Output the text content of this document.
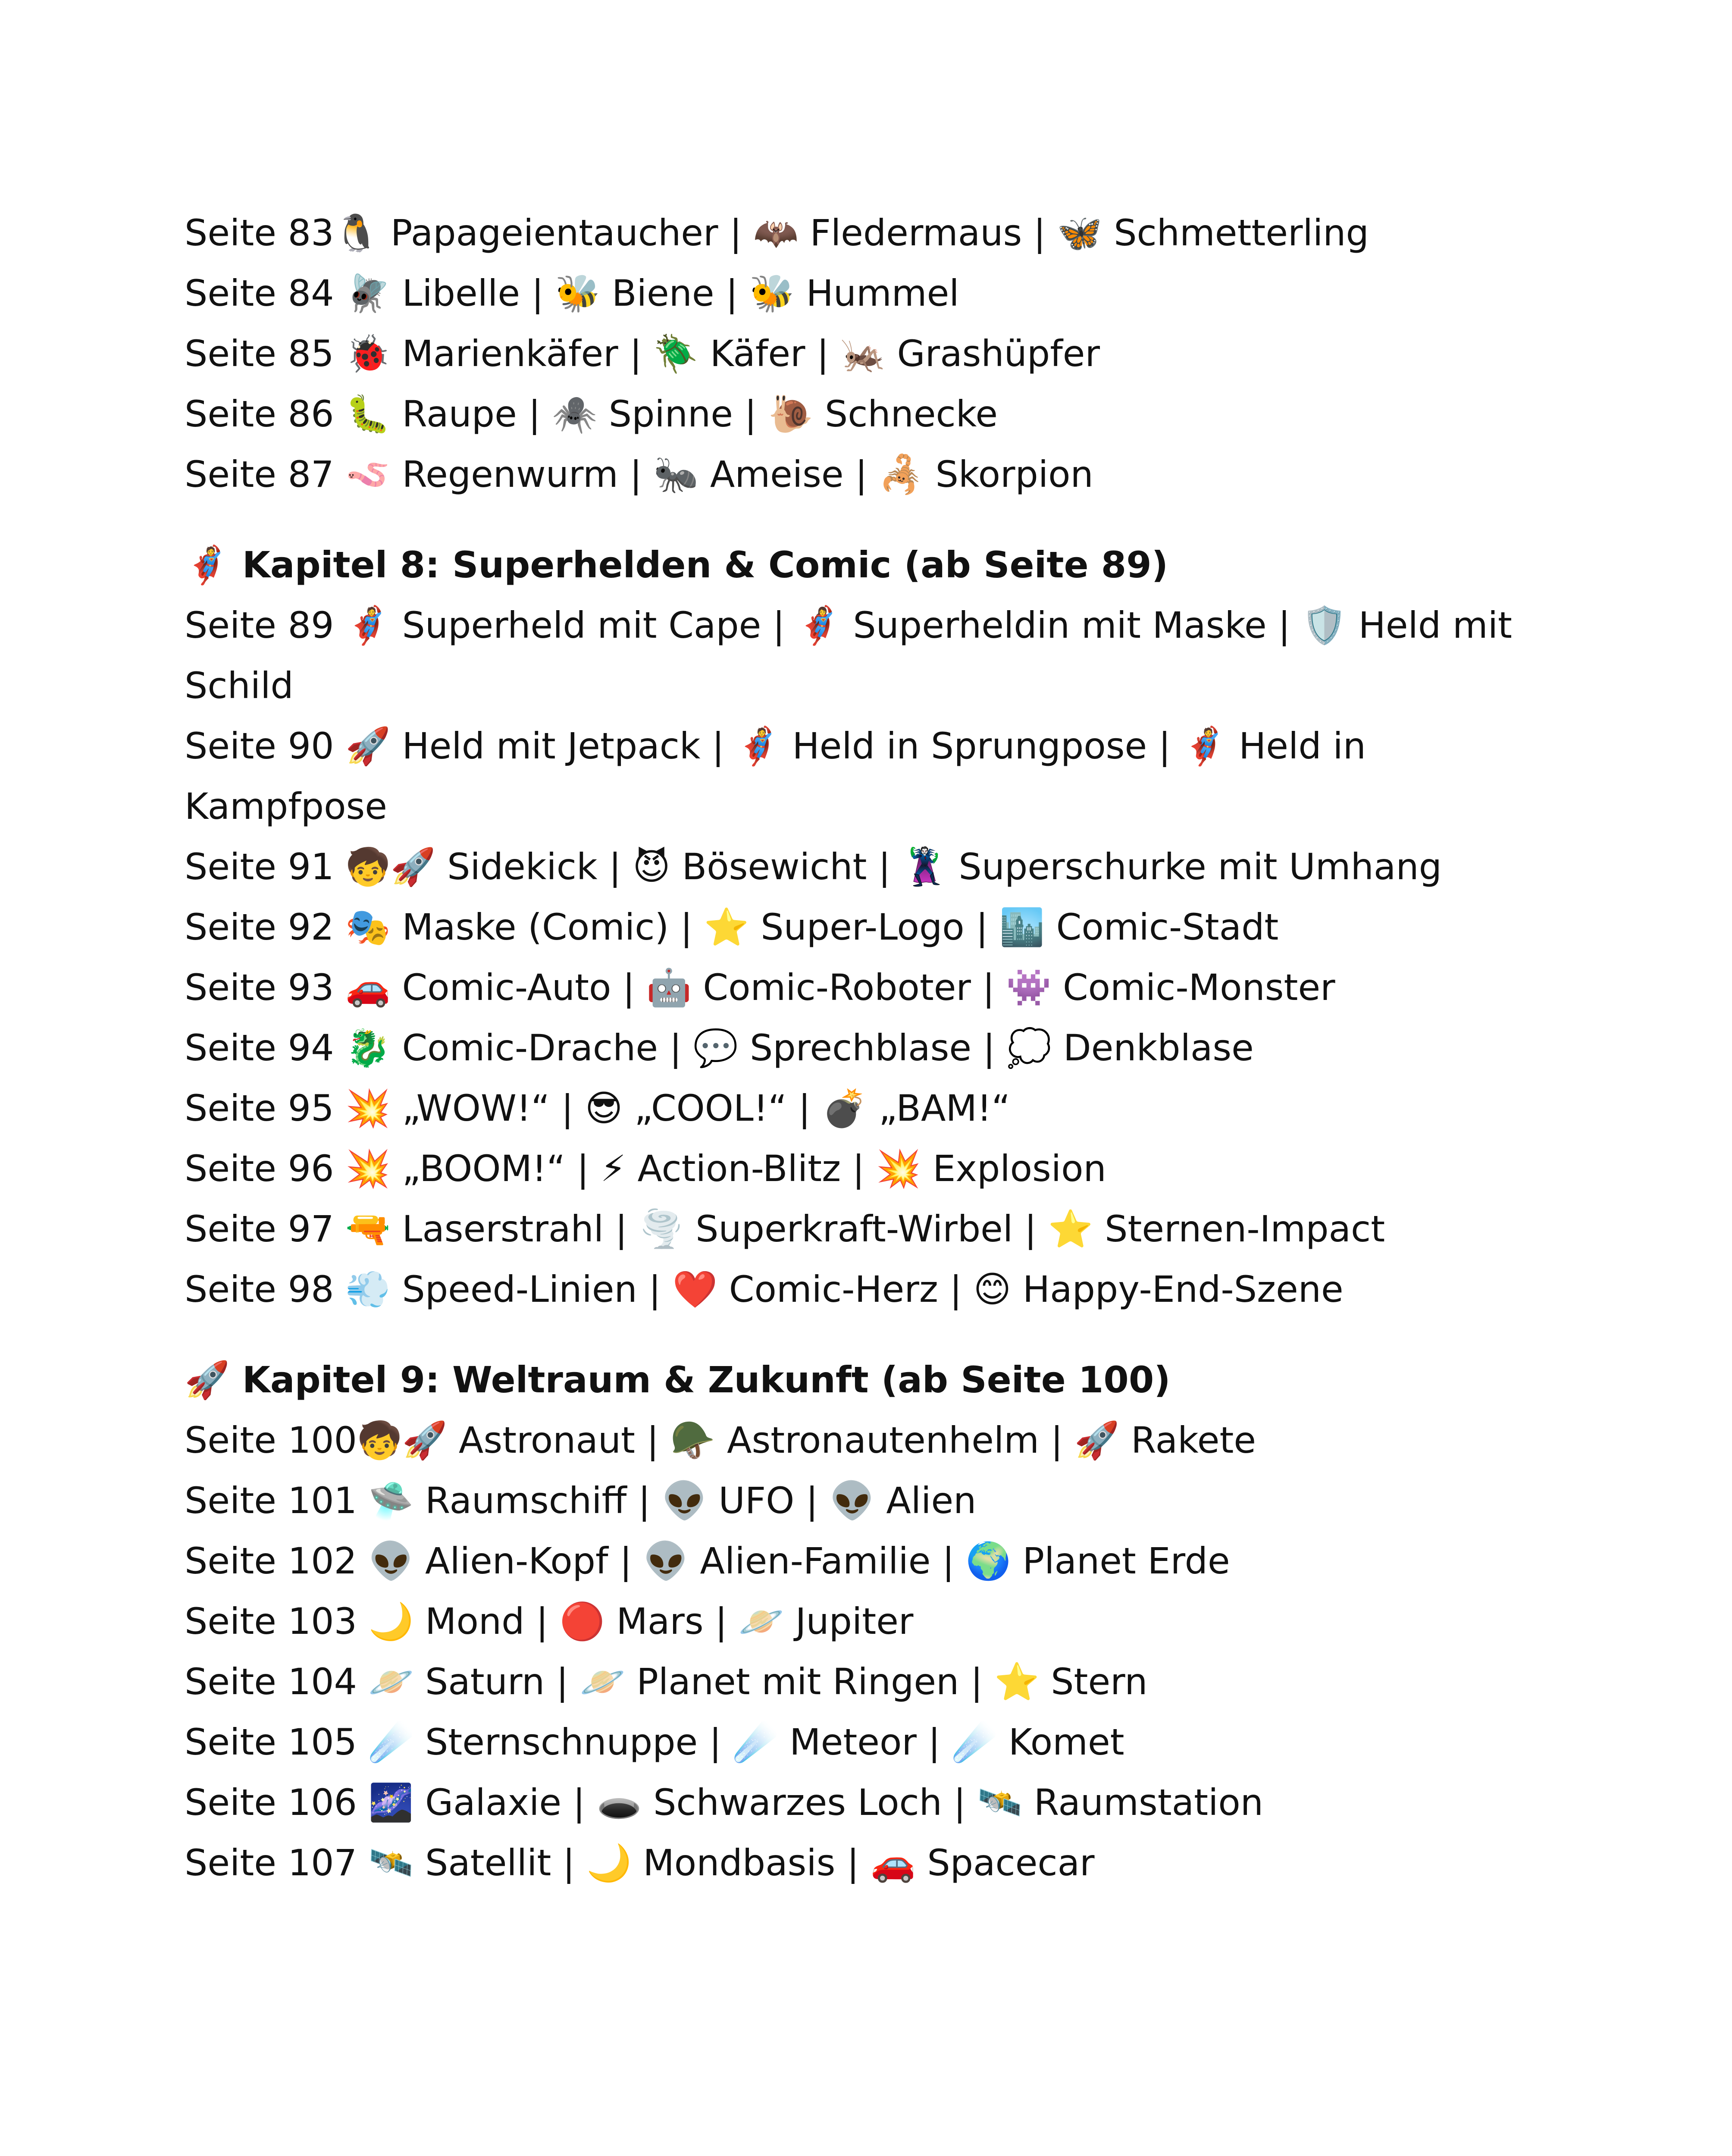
Seite 83🐧 Papageientaucher | 🦇 Fledermaus | 🦋 Schmetterling
Seite 84 🪰 Libelle | 🐝 Biene | 🐝 Hummel
Seite 85 🐞 Marienkäfer | 🪲 Käfer | 🦗 Grashüpfer
Seite 86 🐛 Raupe | 🕷️ Spinne | 🐌 Schnecke
Seite 87 🪱 Regenwurm | 🐜 Ameise | 🦂 Skorpion
🦸 Kapitel 8: Superhelden & Comic (ab Seite 89)
Seite 89 🦸 Superheld mit Cape | 🦸‍♀️ Superheldin mit Maske | 🛡️ Held mit Schild
Seite 90 🚀 Held mit Jetpack | 🦸 Held in Sprungpose | 🦸 Held in Kampfpose
Seite 91 🧒🚀 Sidekick | 😈 Bösewicht | 🦹 Superschurke mit Umhang
Seite 92 🎭 Maske (Comic) | ⭐ Super-Logo | 🏙️ Comic-Stadt
Seite 93 🚗 Comic-Auto | 🤖 Comic-Roboter | 👾 Comic-Monster
Seite 94 🐉 Comic-Drache | 💬 Sprechblase | 💭 Denkblase
Seite 95 💥 „WOW!“ | 😎 „COOL!“ | 💣 „BAM!“
Seite 96 💥 „BOOM!“ | ⚡ Action-Blitz | 💥 Explosion
Seite 97 🔫 Laserstrahl | 🌪️ Superkraft-Wirbel | ⭐ Sternen-Impact
Seite 98 💨 Speed-Linien | ❤️ Comic-Herz | 😊 Happy-End-Szene
🚀 Kapitel 9: Weltraum & Zukunft (ab Seite 100)
Seite 100🧒🚀 Astronaut | 🪖 Astronautenhelm | 🚀 Rakete
Seite 101 🛸 Raumschiff | 👽 UFO | 👽 Alien
Seite 102 👽 Alien-Kopf | 👽 Alien-Familie | 🌍 Planet Erde
Seite 103 🌙 Mond | 🔴 Mars | 🪐 Jupiter
Seite 104 🪐 Saturn | 🪐 Planet mit Ringen | ⭐ Stern
Seite 105 ☄️ Sternschnuppe | ☄️ Meteor | ☄️ Komet
Seite 106 🌌 Galaxie | 🕳️ Schwarzes Loch | 🛰️ Raumstation
Seite 107 🛰️ Satellit | 🌙 Mondbasis | 🚗 Spacecar
